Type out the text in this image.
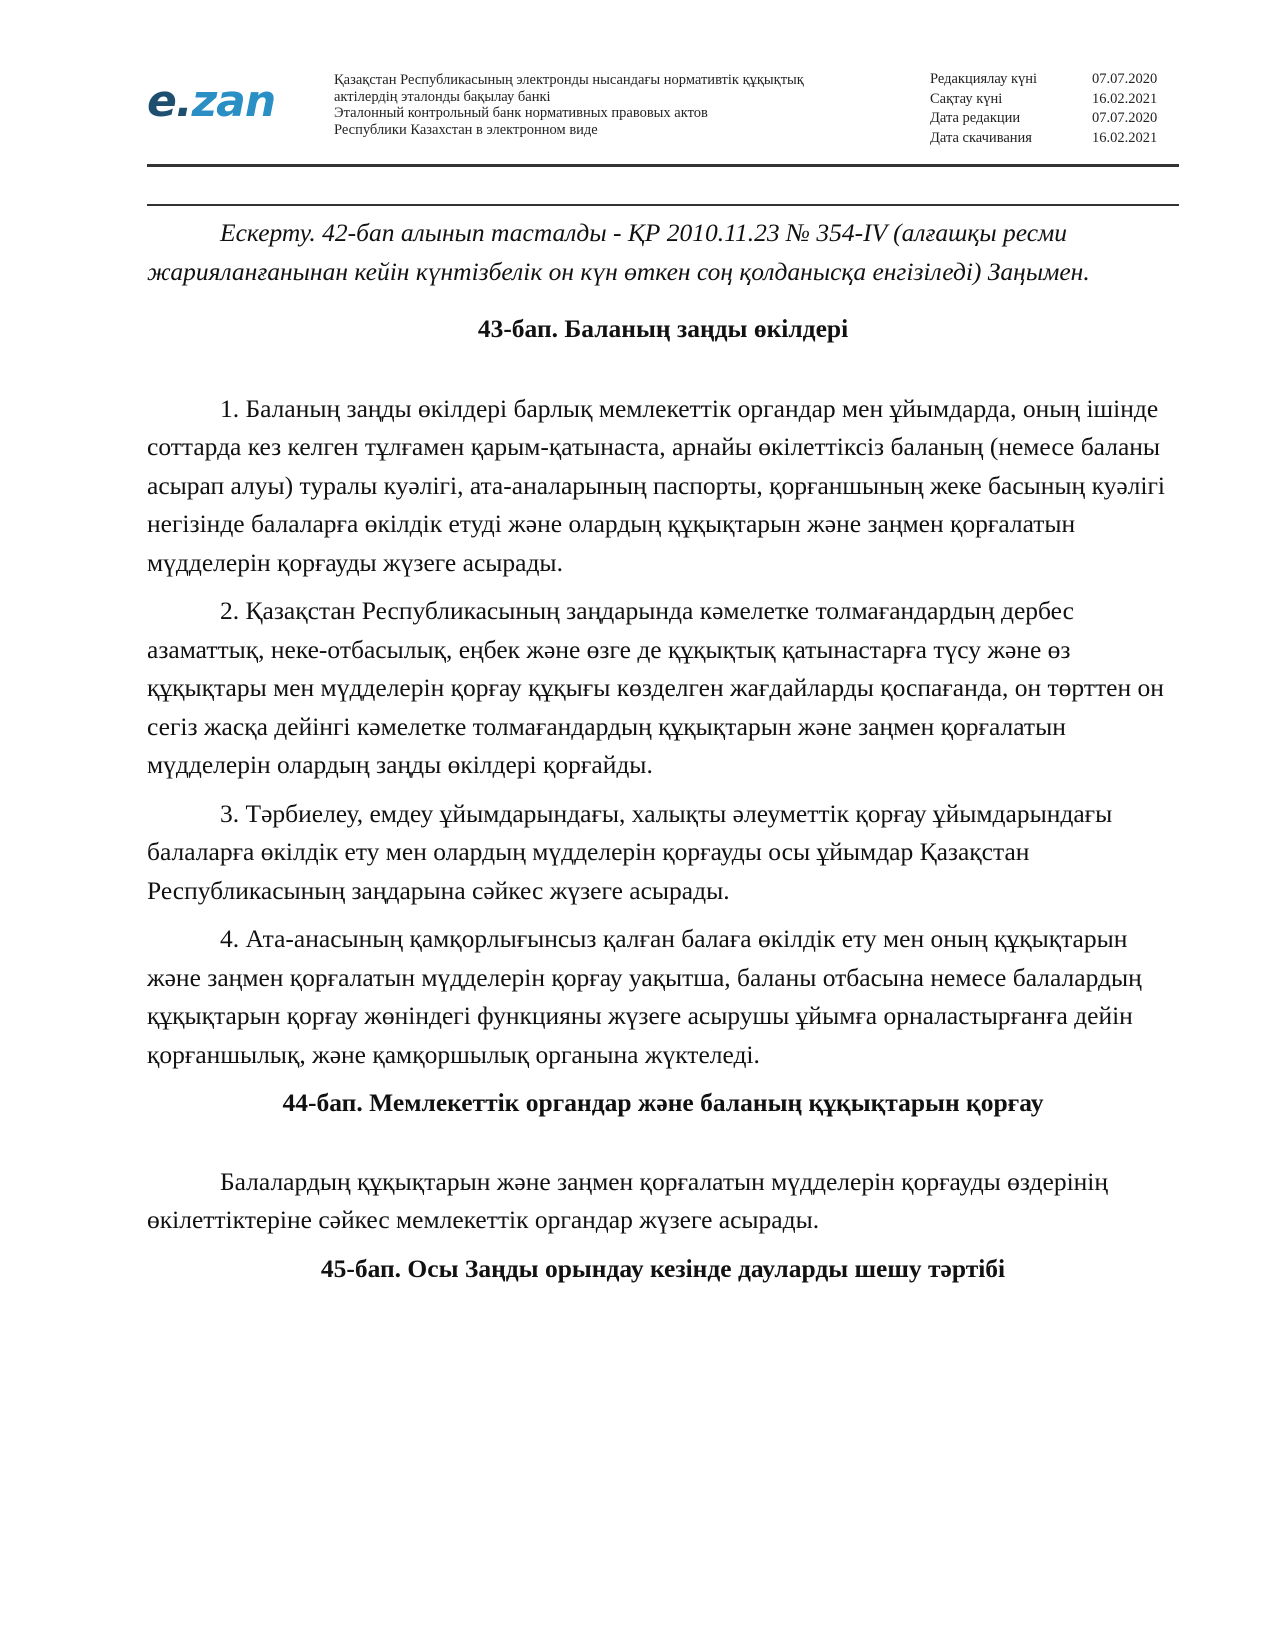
e.zan	Қазақстан Республикасының электронды нысандағы нормативтік құқықтық
актілердің эталонды бақылау банкі
Эталонный контрольный банк нормативных правовых актов
Республики Казахстан в электронном виде
Редакциялау күні	07.07.2020
Сақтау күні	16.02.2021
Дата редакции	07.07.2020
Дата скачивания	16.02.2021

Ескерту. 42-бап алынып тасталды - ҚР 2010.11.23 № 354-IV (алғашқы ресми жарияланғанынан кейін күнтізбелік он күн өткен соң қолданысқа енгізіледі) Заңымен.

43-бап. Баланың заңды өкілдері

1. Баланың заңды өкілдері барлық мемлекеттік органдар мен ұйымдарда, оның ішінде соттарда кез келген тұлғамен қарым-қатынаста, арнайы өкілеттіксіз баланың (немесе баланы асырап алуы) туралы куәлігі, ата-аналарының паспорты, қорғаншының жеке басының куәлігі негізінде балаларға өкілдік етуді және олардың құқықтарын және заңмен қорғалатын мүдделерін қорғауды жүзеге асырады.

2. Қазақстан Республикасының заңдарында кәмелетке толмағандардың дербес азаматтық, неке-отбасылық, еңбек және өзге де құқықтық қатынастарға түсу және өз құқықтары мен мүдделерін қорғау құқығы көзделген жағдайларды қоспағанда, он төрттен он сегіз жасқа дейінгі кәмелетке толмағандардың құқықтарын және заңмен қорғалатын мүдделерін олардың заңды өкілдері қорғайды.

3. Тәрбиелеу, емдеу ұйымдарындағы, халықты әлеуметтік қорғау ұйымдарындағы балаларға өкілдік ету мен олардың мүдделерін қорғауды осы ұйымдар Қазақстан Республикасының заңдарына сәйкес жүзеге асырады.

4. Ата-анасының қамқорлығынсыз қалған балаға өкілдік ету мен оның құқықтарын және заңмен қорғалатын мүдделерін қорғау уақытша, баланы отбасына немесе балалардың құқықтарын қорғау жөніндегі функцияны жүзеге асырушы ұйымға орналастырғанға дейін қорғаншылық, және қамқоршылық органына жүктеледі.

44-бап. Мемлекеттік органдар және баланың құқықтарын қорғау

Балалардың құқықтарын және заңмен қорғалатын мүдделерін қорғауды өздерінің өкілеттіктеріне сәйкес мемлекеттік органдар жүзеге асырады.

45-бап. Осы Заңды орындау кезінде дауларды шешу тәртібі
